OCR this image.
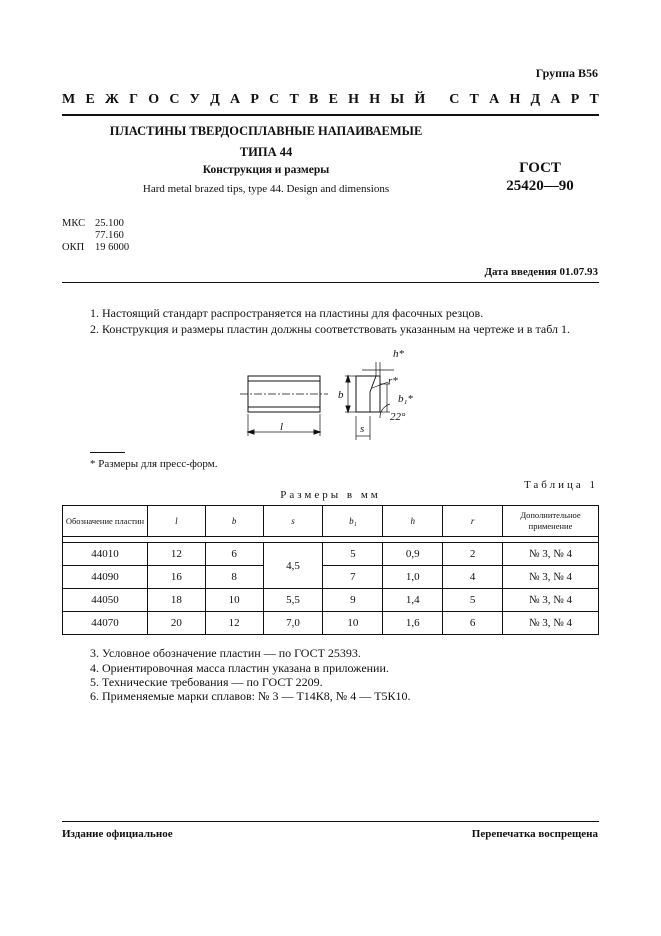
Группа В56
М Е Ж Г О С У Д А Р С Т В Е Н Н Ы Й
С Т А Н Д А Р Т
ПЛАСТИНЫ ТВЕРДОСПЛАВНЫЕ НАПАИВАЕМЫЕ
ТИПА 44
Конструкция и размеры
Hard metal brazed tips, type 44. Design and dimensions
ГОСТ
25420—90
МКС 25.100
77.160
ОКП	19 6000
Дата введения 01.07.93
1. Настоящий стандарт распространяется на пластины для фасочных резцов.
2. Конструкция и размеры пластин должны соответствовать указанным на чертеже и в табл 1.
l
b
s
h*
r*
b₁*
22°
* Размеры для пресс-форм.
Таблица 1
Размеры в мм
Обозначение пластин	l	b	s	b₁	h	r	Дополнительное применение

44010	12	6	4,5	5	0,9	2	№ 3, № 4
44090	16	8		7	1,0	4	№ 3, № 4
44050	18	10	5,5	9	1,4	5	№ 3, № 4
44070	20	12	7,0	10	1,6	6	№ 3, № 4
3. Условное обозначение пластин — по ГОСТ 25393.
4. Ориентировочная масса пластин указана в приложении.
5. Технические требования — по ГОСТ 2209.
6. Применяемые марки сплавов: № 3 — Т14К8, № 4 — Т5К10.
Издание официальное	Перепечатка воспрещена
